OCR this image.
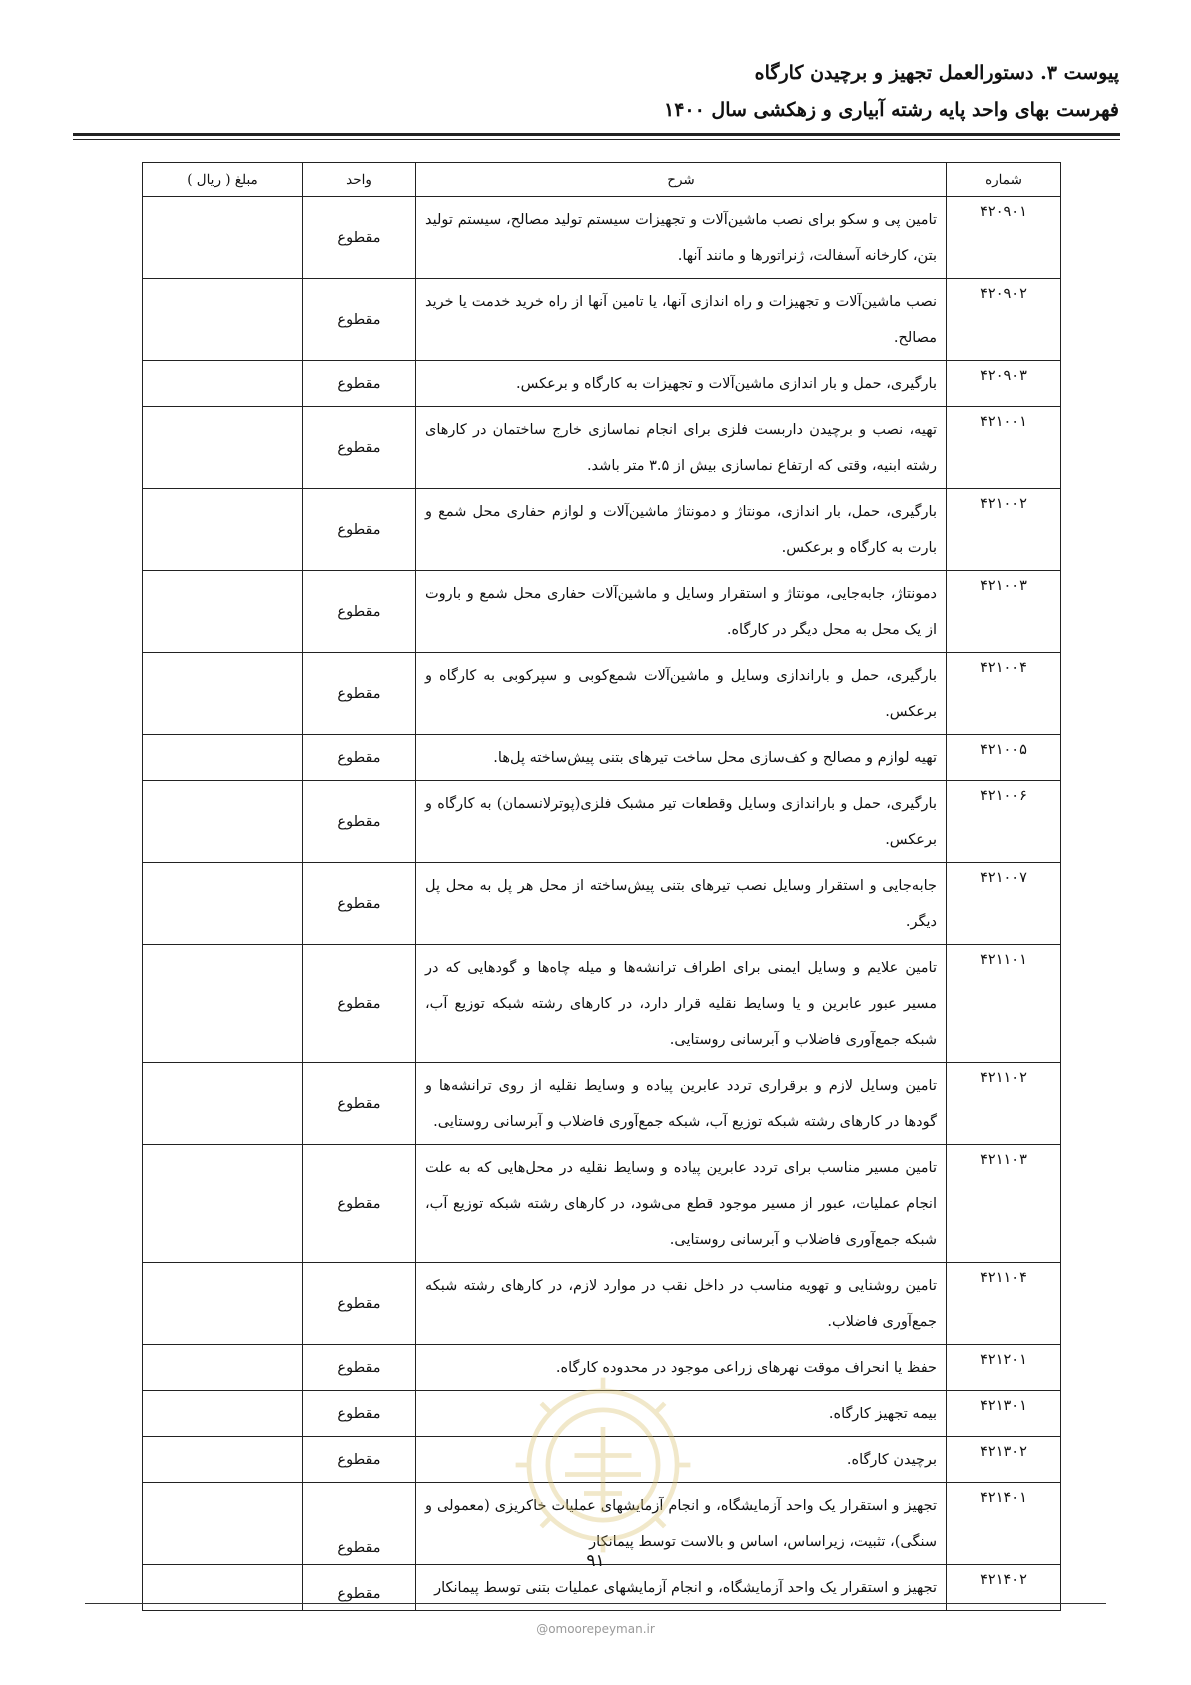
پیوست ۳. دستورالعمل تجهیز و برچیدن کارگاه
فهرست بهای واحد پایه رشته آبیاری و زهکشی سال ۱۴۰۰
شماره	شرح	واحد	مبلغ ( ریال )
۴۲۰۹۰۱	تامین پی و سکو برای نصب ماشین‌آلات و تجهیزات سیستم تولید مصالح، سیستم تولید بتن، کارخانه آسفالت، ژنراتورها و مانند آنها.	مقطوع	
۴۲۰۹۰۲	نصب ماشین‌آلات و تجهیزات و راه اندازی آنها، یا تامین آنها از راه خرید خدمت یا خرید مصالح.	مقطوع	
۴۲۰۹۰۳	بارگیری، حمل و بار اندازی ماشین‌آلات و تجهیزات به کارگاه و برعکس.	مقطوع	
۴۲۱۰۰۱	تهیه، نصب و برچیدن داربست فلزی برای انجام نماسازی خارج ساختمان در کارهای رشته ابنیه، وقتی که ارتفاع نماسازی بیش از ۳.۵ متر باشد.	مقطوع	
۴۲۱۰۰۲	بارگیری، حمل، بار اندازی، مونتاژ و دمونتاژ ماشین‌آلات و لوازم حفاری محل شمع و بارت به کارگاه و برعکس.	مقطوع	
۴۲۱۰۰۳	دمونتاژ، جابه‌جایی، مونتاژ و استقرار وسایل و ماشین‌آلات حفاری محل شمع و باروت از یک محل به محل دیگر در کارگاه.	مقطوع	
۴۲۱۰۰۴	بارگیری، حمل و باراندازی وسایل و ماشین‌آلات شمع‌کوبی و سپرکوبی به کارگاه و برعکس.	مقطوع	
۴۲۱۰۰۵	تهیه لوازم و مصالح و کف‌سازی محل ساخت تیرهای بتنی پیش‌ساخته پل‌ها.	مقطوع	
۴۲۱۰۰۶	بارگیری، حمل و باراندازی وسایل وقطعات تیر مشبک فلزی(پوترلانسمان) به کارگاه و برعکس.	مقطوع	
۴۲۱۰۰۷	جابه‌جایی و استقرار وسایل نصب تیرهای بتنی پیش‌ساخته از محل هر پل به محل پل دیگر.	مقطوع	
۴۲۱۱۰۱	تامین علایم و وسایل ایمنی برای اطراف ترانشه‌ها و میله چاه‌ها و گودهایی که در مسیر عبور عابرین و یا وسایط نقلیه قرار دارد، در کارهای رشته شبکه توزیع آب، شبکه جمع‌آوری فاضلاب و آبرسانی روستایی.	مقطوع	
۴۲۱۱۰۲	تامین وسایل لازم و برقراری تردد عابرین پیاده و وسایط نقلیه از روی ترانشه‌ها و گودها در کارهای رشته شبکه توزیع آب، شبکه جمع‌آوری فاضلاب و آبرسانی روستایی.	مقطوع	
۴۲۱۱۰۳	تامین مسیر مناسب برای تردد عابرین پیاده و وسایط نقلیه در محل‌هایی که به علت انجام عملیات، عبور از مسیر موجود قطع می‌شود، در کارهای رشته شبکه توزیع آب، شبکه جمع‌آوری فاضلاب و آبرسانی روستایی.	مقطوع	
۴۲۱۱۰۴	تامین روشنایی و تهویه مناسب در داخل نقب در موارد لازم، در کارهای رشته شبکه جمع‌آوری فاضلاب.	مقطوع	
۴۲۱۲۰۱	حفظ یا انحراف موقت نهرهای زراعی موجود در محدوده کارگاه.	مقطوع	
۴۲۱۳۰۱	بیمه تجهیز کارگاه.	مقطوع	
۴۲۱۳۰۲	برچیدن کارگاه.	مقطوع	
۴۲۱۴۰۱	تجهیز و استقرار یک واحد آزمایشگاه، و انجام آزمایشهای عملیات خاکریزی (معمولی و سنگی)، تثبیت، زیراساس، اساس و بالاست توسط پیمانکار	مقطوع	
۴۲۱۴۰۲	تجهیز و استقرار یک واحد آزمایشگاه، و انجام آزمایشهای عملیات بتنی توسط پیمانکار	مقطوع	
۹۱
@omoorepeyman.ir
